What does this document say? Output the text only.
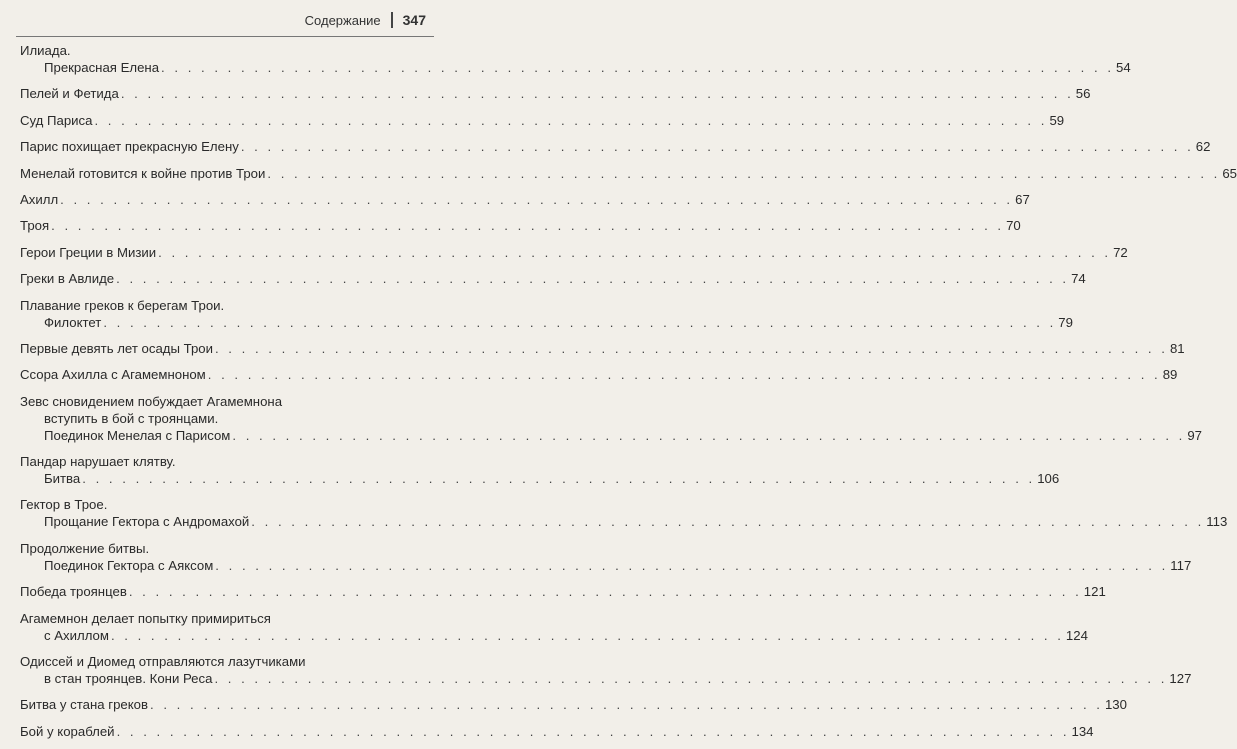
Содержание 347
Илиада.
Прекрасная Елена . . . . . . . . . . . . . . . . . . . . . . . . . . . . . . . . . . . . . . . . . . . . . . . . . . . . . . . . . . . . . . . . . . . . . . . . 54
Пелей и Фетида . . . . . . . . . . . . . . . . . . . . . . . . . . . . . . . . . . . . . . . . . . . . . . . . . . . . . . . . . . . . . . . . . . . . . . . . 56
Суд Париса . . . . . . . . . . . . . . . . . . . . . . . . . . . . . . . . . . . . . . . . . . . . . . . . . . . . . . . . . . . . . . . . . . . . . . . . 59
Парис похищает прекрасную Елену . . . . . . . . . . . . . . . . . . . . . . . . . . . . . . . . . . . . . . . . . . . . . . . . . . . . . . . . . . . . . . . . . . . . . . . . 62
Менелай готовится к войне против Трои . . . . . . . . . . . . . . . . . . . . . . . . . . . . . . . . . . . . . . . . . . . . . . . . . . . . . . . . . . . . . . . . . . . . . . . . 65
Ахилл . . . . . . . . . . . . . . . . . . . . . . . . . . . . . . . . . . . . . . . . . . . . . . . . . . . . . . . . . . . . . . . . . . . . . . . . 67
Троя . . . . . . . . . . . . . . . . . . . . . . . . . . . . . . . . . . . . . . . . . . . . . . . . . . . . . . . . . . . . . . . . . . . . . . . . 70
Герои Греции в Мизии . . . . . . . . . . . . . . . . . . . . . . . . . . . . . . . . . . . . . . . . . . . . . . . . . . . . . . . . . . . . . . . . . . . . . . . . 72
Греки в Авлиде . . . . . . . . . . . . . . . . . . . . . . . . . . . . . . . . . . . . . . . . . . . . . . . . . . . . . . . . . . . . . . . . . . . . . . . . 74
Плавание греков к берегам Трои.
Филоктет . . . . . . . . . . . . . . . . . . . . . . . . . . . . . . . . . . . . . . . . . . . . . . . . . . . . . . . . . . . . . . . . . . . . . . . . 79
Первые девять лет осады Трои . . . . . . . . . . . . . . . . . . . . . . . . . . . . . . . . . . . . . . . . . . . . . . . . . . . . . . . . . . . . . . . . . . . . . . . . 81
Ссора Ахилла с Агамемноном . . . . . . . . . . . . . . . . . . . . . . . . . . . . . . . . . . . . . . . . . . . . . . . . . . . . . . . . . . . . . . . . . . . . . . . . 89
Зевс сновидением побуждает Агамемнона
вступить в бой с троянцами.
Поединок Менелая с Парисом . . . . . . . . . . . . . . . . . . . . . . . . . . . . . . . . . . . . . . . . . . . . . . . . . . . . . . . . . . . . . . . . . . . . . . . . 97
Пандар нарушает клятву.
Битва . . . . . . . . . . . . . . . . . . . . . . . . . . . . . . . . . . . . . . . . . . . . . . . . . . . . . . . . . . . . . . . . . . . . . . . . 106
Гектор в Трое.
Прощание Гектора с Андромахой . . . . . . . . . . . . . . . . . . . . . . . . . . . . . . . . . . . . . . . . . . . . . . . . . . . . . . . . . . . . . . . . . . . . . . . . 113
Продолжение битвы.
Поединок Гектора с Аяксом . . . . . . . . . . . . . . . . . . . . . . . . . . . . . . . . . . . . . . . . . . . . . . . . . . . . . . . . . . . . . . . . . . . . . . . . 117
Победа троянцев . . . . . . . . . . . . . . . . . . . . . . . . . . . . . . . . . . . . . . . . . . . . . . . . . . . . . . . . . . . . . . . . . . . . . . . . 121
Агамемнон делает попытку примириться
с Ахиллом . . . . . . . . . . . . . . . . . . . . . . . . . . . . . . . . . . . . . . . . . . . . . . . . . . . . . . . . . . . . . . . . . . . . . . . . 124
Одиссей и Диомед отправляются лазутчиками
в стан троянцев. Кони Реса . . . . . . . . . . . . . . . . . . . . . . . . . . . . . . . . . . . . . . . . . . . . . . . . . . . . . . . . . . . . . . . . . . . . . . . . 127
Битва у стана греков . . . . . . . . . . . . . . . . . . . . . . . . . . . . . . . . . . . . . . . . . . . . . . . . . . . . . . . . . . . . . . . . . . . . . . . . 130
Бой у кораблей . . . . . . . . . . . . . . . . . . . . . . . . . . . . . . . . . . . . . . . . . . . . . . . . . . . . . . . . . . . . . . . . . . . . . . . . 134
